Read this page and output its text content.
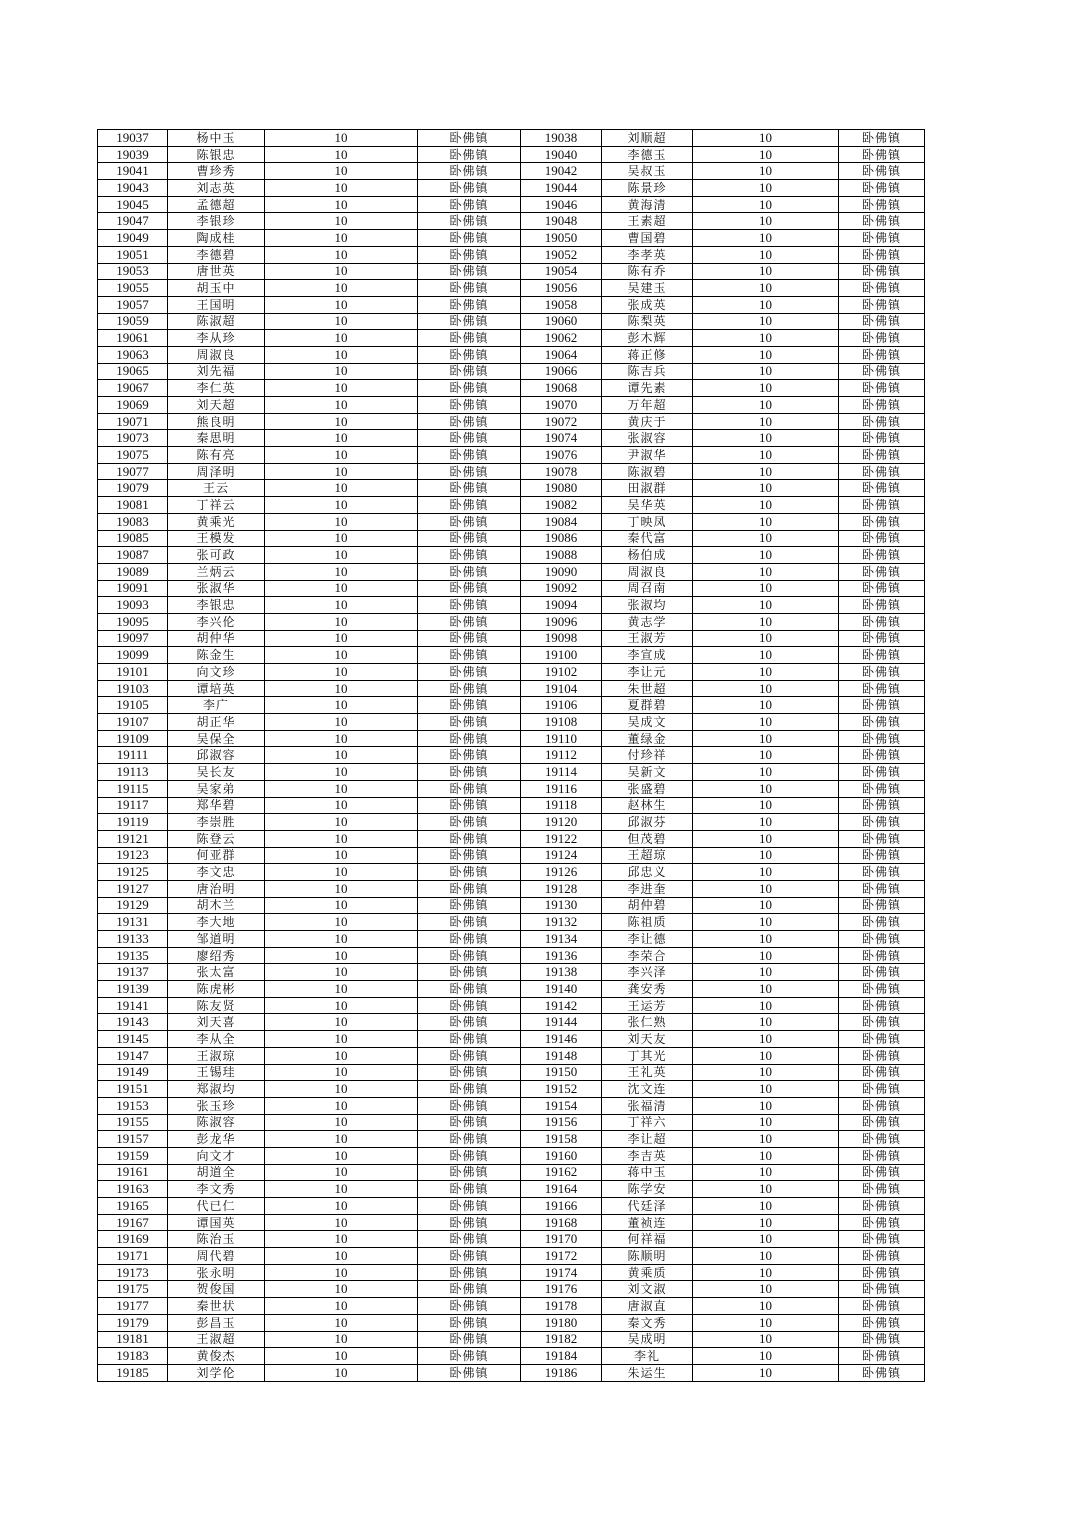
19037	杨中玉	10	卧佛镇	19038	刘顺超	10	卧佛镇
19039	陈银忠	10	卧佛镇	19040	李德玉	10	卧佛镇
19041	曹珍秀	10	卧佛镇	19042	吴叔玉	10	卧佛镇
19043	刘志英	10	卧佛镇	19044	陈景珍	10	卧佛镇
19045	孟德超	10	卧佛镇	19046	黄海清	10	卧佛镇
19047	李银珍	10	卧佛镇	19048	王素超	10	卧佛镇
19049	陶成桂	10	卧佛镇	19050	曹国碧	10	卧佛镇
19051	李德碧	10	卧佛镇	19052	李孝英	10	卧佛镇
19053	唐世英	10	卧佛镇	19054	陈有乔	10	卧佛镇
19055	胡玉中	10	卧佛镇	19056	吴建玉	10	卧佛镇
19057	王国明	10	卧佛镇	19058	张成英	10	卧佛镇
19059	陈淑超	10	卧佛镇	19060	陈梨英	10	卧佛镇
19061	李从珍	10	卧佛镇	19062	彭木辉	10	卧佛镇
19063	周淑良	10	卧佛镇	19064	蒋正修	10	卧佛镇
19065	刘先福	10	卧佛镇	19066	陈吉兵	10	卧佛镇
19067	李仁英	10	卧佛镇	19068	谭先素	10	卧佛镇
19069	刘天超	10	卧佛镇	19070	万年超	10	卧佛镇
19071	熊良明	10	卧佛镇	19072	黄庆于	10	卧佛镇
19073	秦思明	10	卧佛镇	19074	张淑容	10	卧佛镇
19075	陈有亮	10	卧佛镇	19076	尹淑华	10	卧佛镇
19077	周泽明	10	卧佛镇	19078	陈淑碧	10	卧佛镇
19079	王云	10	卧佛镇	19080	田淑群	10	卧佛镇
19081	丁祥云	10	卧佛镇	19082	吴华英	10	卧佛镇
19083	黄乘光	10	卧佛镇	19084	丁映凤	10	卧佛镇
19085	王模发	10	卧佛镇	19086	秦代富	10	卧佛镇
19087	张可政	10	卧佛镇	19088	杨伯成	10	卧佛镇
19089	兰炳云	10	卧佛镇	19090	周淑良	10	卧佛镇
19091	张淑华	10	卧佛镇	19092	周召南	10	卧佛镇
19093	李银忠	10	卧佛镇	19094	张淑均	10	卧佛镇
19095	李兴伦	10	卧佛镇	19096	黄志学	10	卧佛镇
19097	胡仲华	10	卧佛镇	19098	王淑芳	10	卧佛镇
19099	陈金生	10	卧佛镇	19100	李宣成	10	卧佛镇
19101	向文珍	10	卧佛镇	19102	李让元	10	卧佛镇
19103	谭培英	10	卧佛镇	19104	朱世超	10	卧佛镇
19105	李广	10	卧佛镇	19106	夏群碧	10	卧佛镇
19107	胡正华	10	卧佛镇	19108	吴成文	10	卧佛镇
19109	吴保全	10	卧佛镇	19110	董绿金	10	卧佛镇
19111	邱淑容	10	卧佛镇	19112	付珍祥	10	卧佛镇
19113	吴长友	10	卧佛镇	19114	吴新文	10	卧佛镇
19115	吴家弟	10	卧佛镇	19116	张盛碧	10	卧佛镇
19117	郑华碧	10	卧佛镇	19118	赵林生	10	卧佛镇
19119	李崇胜	10	卧佛镇	19120	邱淑芬	10	卧佛镇
19121	陈登云	10	卧佛镇	19122	但茂碧	10	卧佛镇
19123	何亚群	10	卧佛镇	19124	王超琼	10	卧佛镇
19125	李文忠	10	卧佛镇	19126	邱忠义	10	卧佛镇
19127	唐治明	10	卧佛镇	19128	李进奎	10	卧佛镇
19129	胡木兰	10	卧佛镇	19130	胡仲碧	10	卧佛镇
19131	李大地	10	卧佛镇	19132	陈祖质	10	卧佛镇
19133	邹道明	10	卧佛镇	19134	李让德	10	卧佛镇
19135	廖绍秀	10	卧佛镇	19136	李荣合	10	卧佛镇
19137	张太富	10	卧佛镇	19138	李兴泽	10	卧佛镇
19139	陈虎彬	10	卧佛镇	19140	龚安秀	10	卧佛镇
19141	陈友贤	10	卧佛镇	19142	王运芳	10	卧佛镇
19143	刘天喜	10	卧佛镇	19144	张仁熟	10	卧佛镇
19145	李从全	10	卧佛镇	19146	刘天友	10	卧佛镇
19147	王淑琼	10	卧佛镇	19148	丁其光	10	卧佛镇
19149	王锡珪	10	卧佛镇	19150	王礼英	10	卧佛镇
19151	郑淑均	10	卧佛镇	19152	沈文连	10	卧佛镇
19153	张玉珍	10	卧佛镇	19154	张福清	10	卧佛镇
19155	陈淑容	10	卧佛镇	19156	丁祥六	10	卧佛镇
19157	彭龙华	10	卧佛镇	19158	李让超	10	卧佛镇
19159	向文才	10	卧佛镇	19160	李吉英	10	卧佛镇
19161	胡道全	10	卧佛镇	19162	蒋中玉	10	卧佛镇
19163	李文秀	10	卧佛镇	19164	陈学安	10	卧佛镇
19165	代已仁	10	卧佛镇	19166	代廷泽	10	卧佛镇
19167	谭国英	10	卧佛镇	19168	董祯连	10	卧佛镇
19169	陈治玉	10	卧佛镇	19170	何祥福	10	卧佛镇
19171	周代碧	10	卧佛镇	19172	陈顺明	10	卧佛镇
19173	张永明	10	卧佛镇	19174	黄乘质	10	卧佛镇
19175	贺俊国	10	卧佛镇	19176	刘文淑	10	卧佛镇
19177	秦世状	10	卧佛镇	19178	唐淑直	10	卧佛镇
19179	彭昌玉	10	卧佛镇	19180	秦文秀	10	卧佛镇
19181	王淑超	10	卧佛镇	19182	吴成明	10	卧佛镇
19183	黄俊杰	10	卧佛镇	19184	李礼	10	卧佛镇
19185	刘学伦	10	卧佛镇	19186	朱运生	10	卧佛镇
